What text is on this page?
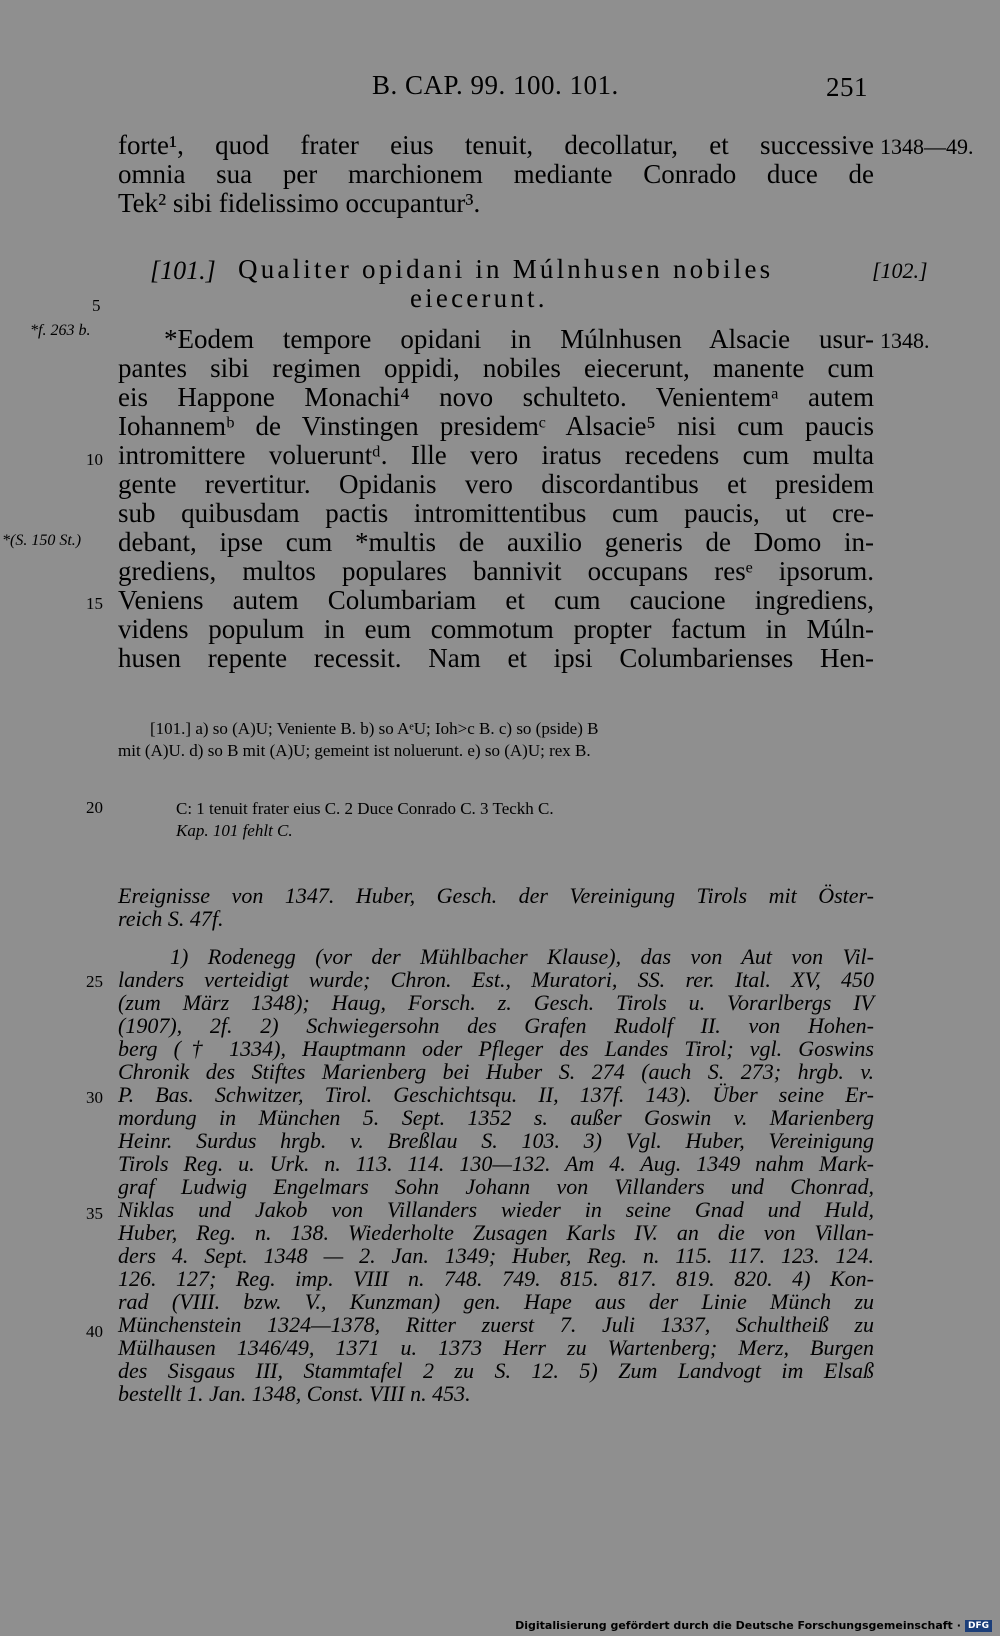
B. CAP. 99. 100. 101.	251
1348—49.
[102.]
1348.
*f. 263 b.
*(S. 150 St.)
5
10
15
20
25
30
35
40
forte¹, quod frater eius tenuit, decollatur, et successive
omnia sua per marchionem mediante Conrado duce de
Tek² sibi fidelissimo occupantur³.
[101.] Qualiter opidani in Múlnhusen nobiles
eiecerunt.
*Eodem tempore opidani in Múlnhusen Alsacie usur-
pantes sibi regimen oppidi, nobiles eiecerunt, manente cum
eis Happone Monachi⁴ novo schulteto. Venientemᵃ autem
Iohannemᵇ de Vinstingen presidemᶜ Alsacie⁵ nisi cum paucis
intromittere volueruntᵈ. Ille vero iratus recedens cum multa
gente revertitur. Opidanis vero discordantibus et presidem
sub quibusdam pactis intromittentibus cum paucis, ut cre-
debant, ipse cum *multis de auxilio generis de Domo in-
grediens, multos populares bannivit occupans resᵉ ipsorum.
Veniens autem Columbariam et cum caucione ingrediens,
videns populum in eum commotum propter factum in Múln-
husen repente recessit. Nam et ipsi Columbarienses Hen-
[101.] a) so (A)U; Veniente B. b) so AᵉU; Ioh>c B. c) so (pside) B
mit (A)U. d) so B mit (A)U; gemeint ist noluerunt. e) so (A)U; rex B.
C: 1 tenuit frater eius C. 2 Duce Conrado C. 3 Teckh C.
Kap. 101 fehlt C.
Ereignisse von 1347. Huber, Gesch. der Vereinigung Tirols mit Öster-
reich S. 47f.
1) Rodenegg (vor der Mühlbacher Klause), das von Aut von Vil-
landers verteidigt wurde; Chron. Est., Muratori, SS. rer. Ital. XV, 450
(zum März 1348); Haug, Forsch. z. Gesch. Tirols u. Vorarlbergs IV
(1907), 2f. 2) Schwiegersohn des Grafen Rudolf II. von Hohen-
berg († 1334), Hauptmann oder Pfleger des Landes Tirol; vgl. Goswins
Chronik des Stiftes Marienberg bei Huber S. 274 (auch S. 273; hrgb. v.
P. Bas. Schwitzer, Tirol. Geschichtsqu. II, 137f. 143). Über seine Er-
mordung in München 5. Sept. 1352 s. außer Goswin v. Marienberg
Heinr. Surdus hrgb. v. Breßlau S. 103. 3) Vgl. Huber, Vereinigung
Tirols Reg. u. Urk. n. 113. 114. 130—132. Am 4. Aug. 1349 nahm Mark-
graf Ludwig Engelmars Sohn Johann von Villanders und Chonrad,
Niklas und Jakob von Villanders wieder in seine Gnad und Huld,
Huber, Reg. n. 138. Wiederholte Zusagen Karls IV. an die von Villan-
ders 4. Sept. 1348 — 2. Jan. 1349; Huber, Reg. n. 115. 117. 123. 124.
126. 127; Reg. imp. VIII n. 748. 749. 815. 817. 819. 820. 4) Kon-
rad (VIII. bzw. V., Kunzman) gen. Hape aus der Linie Münch zu
Münchenstein 1324—1378, Ritter zuerst 7. Juli 1337, Schultheiß zu
Mülhausen 1346/49, 1371 u. 1373 Herr zu Wartenberg; Merz, Burgen
des Sisgaus III, Stammtafel 2 zu S. 12. 5) Zum Landvogt im Elsaß
bestellt 1. Jan. 1348, Const. VIII n. 453.
Digitalisierung gefördert durch die Deutsche Forschungsgemeinschaft · DFG
